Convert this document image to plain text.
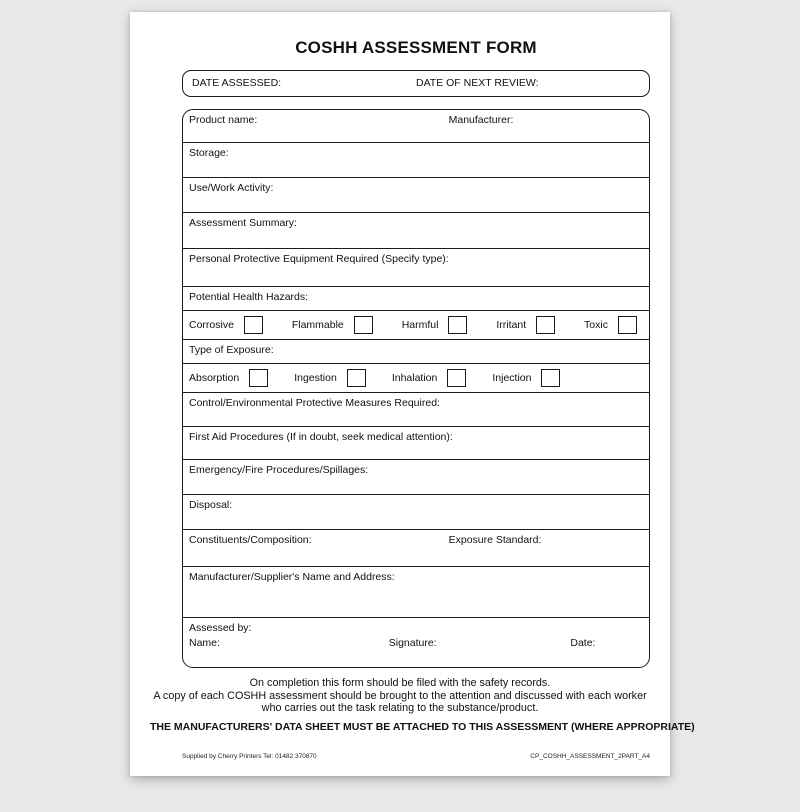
COSHH ASSESSMENT FORM
DATE ASSESSED:	DATE OF NEXT REVIEW:
Product name:	Manufacturer:
Storage:
Use/Work Activity:
Assessment Summary:
Personal Protective Equipment Required (Specify type):
Potential Health Hazards:
Corrosive	Flammable	Harmful	Irritant	Toxic
Type of Exposure:
Absorption	Ingestion	Inhalation	Injection
Control/Environmental Protective Measures Required:
First Aid Procedures (If in doubt, seek medical attention):
Emergency/Fire Procedures/Spillages:
Disposal:
Constituents/Composition:	Exposure Standard:
Manufacturer/Supplier's Name and Address:
Assessed by:
Name:	Signature:	Date:
On completion this form should be filed with the safety records.
A copy of each COSHH assessment should be brought to the attention and discussed with each worker
who carries out the task relating to the substance/product.
THE MANUFACTURERS' DATA SHEET MUST BE ATTACHED TO THIS ASSESSMENT (WHERE APPROPRIATE)
Supplied by Cherry Printers Tel: 01482 370870	CP_COSHH_ASSESSMENT_2PART_A4
